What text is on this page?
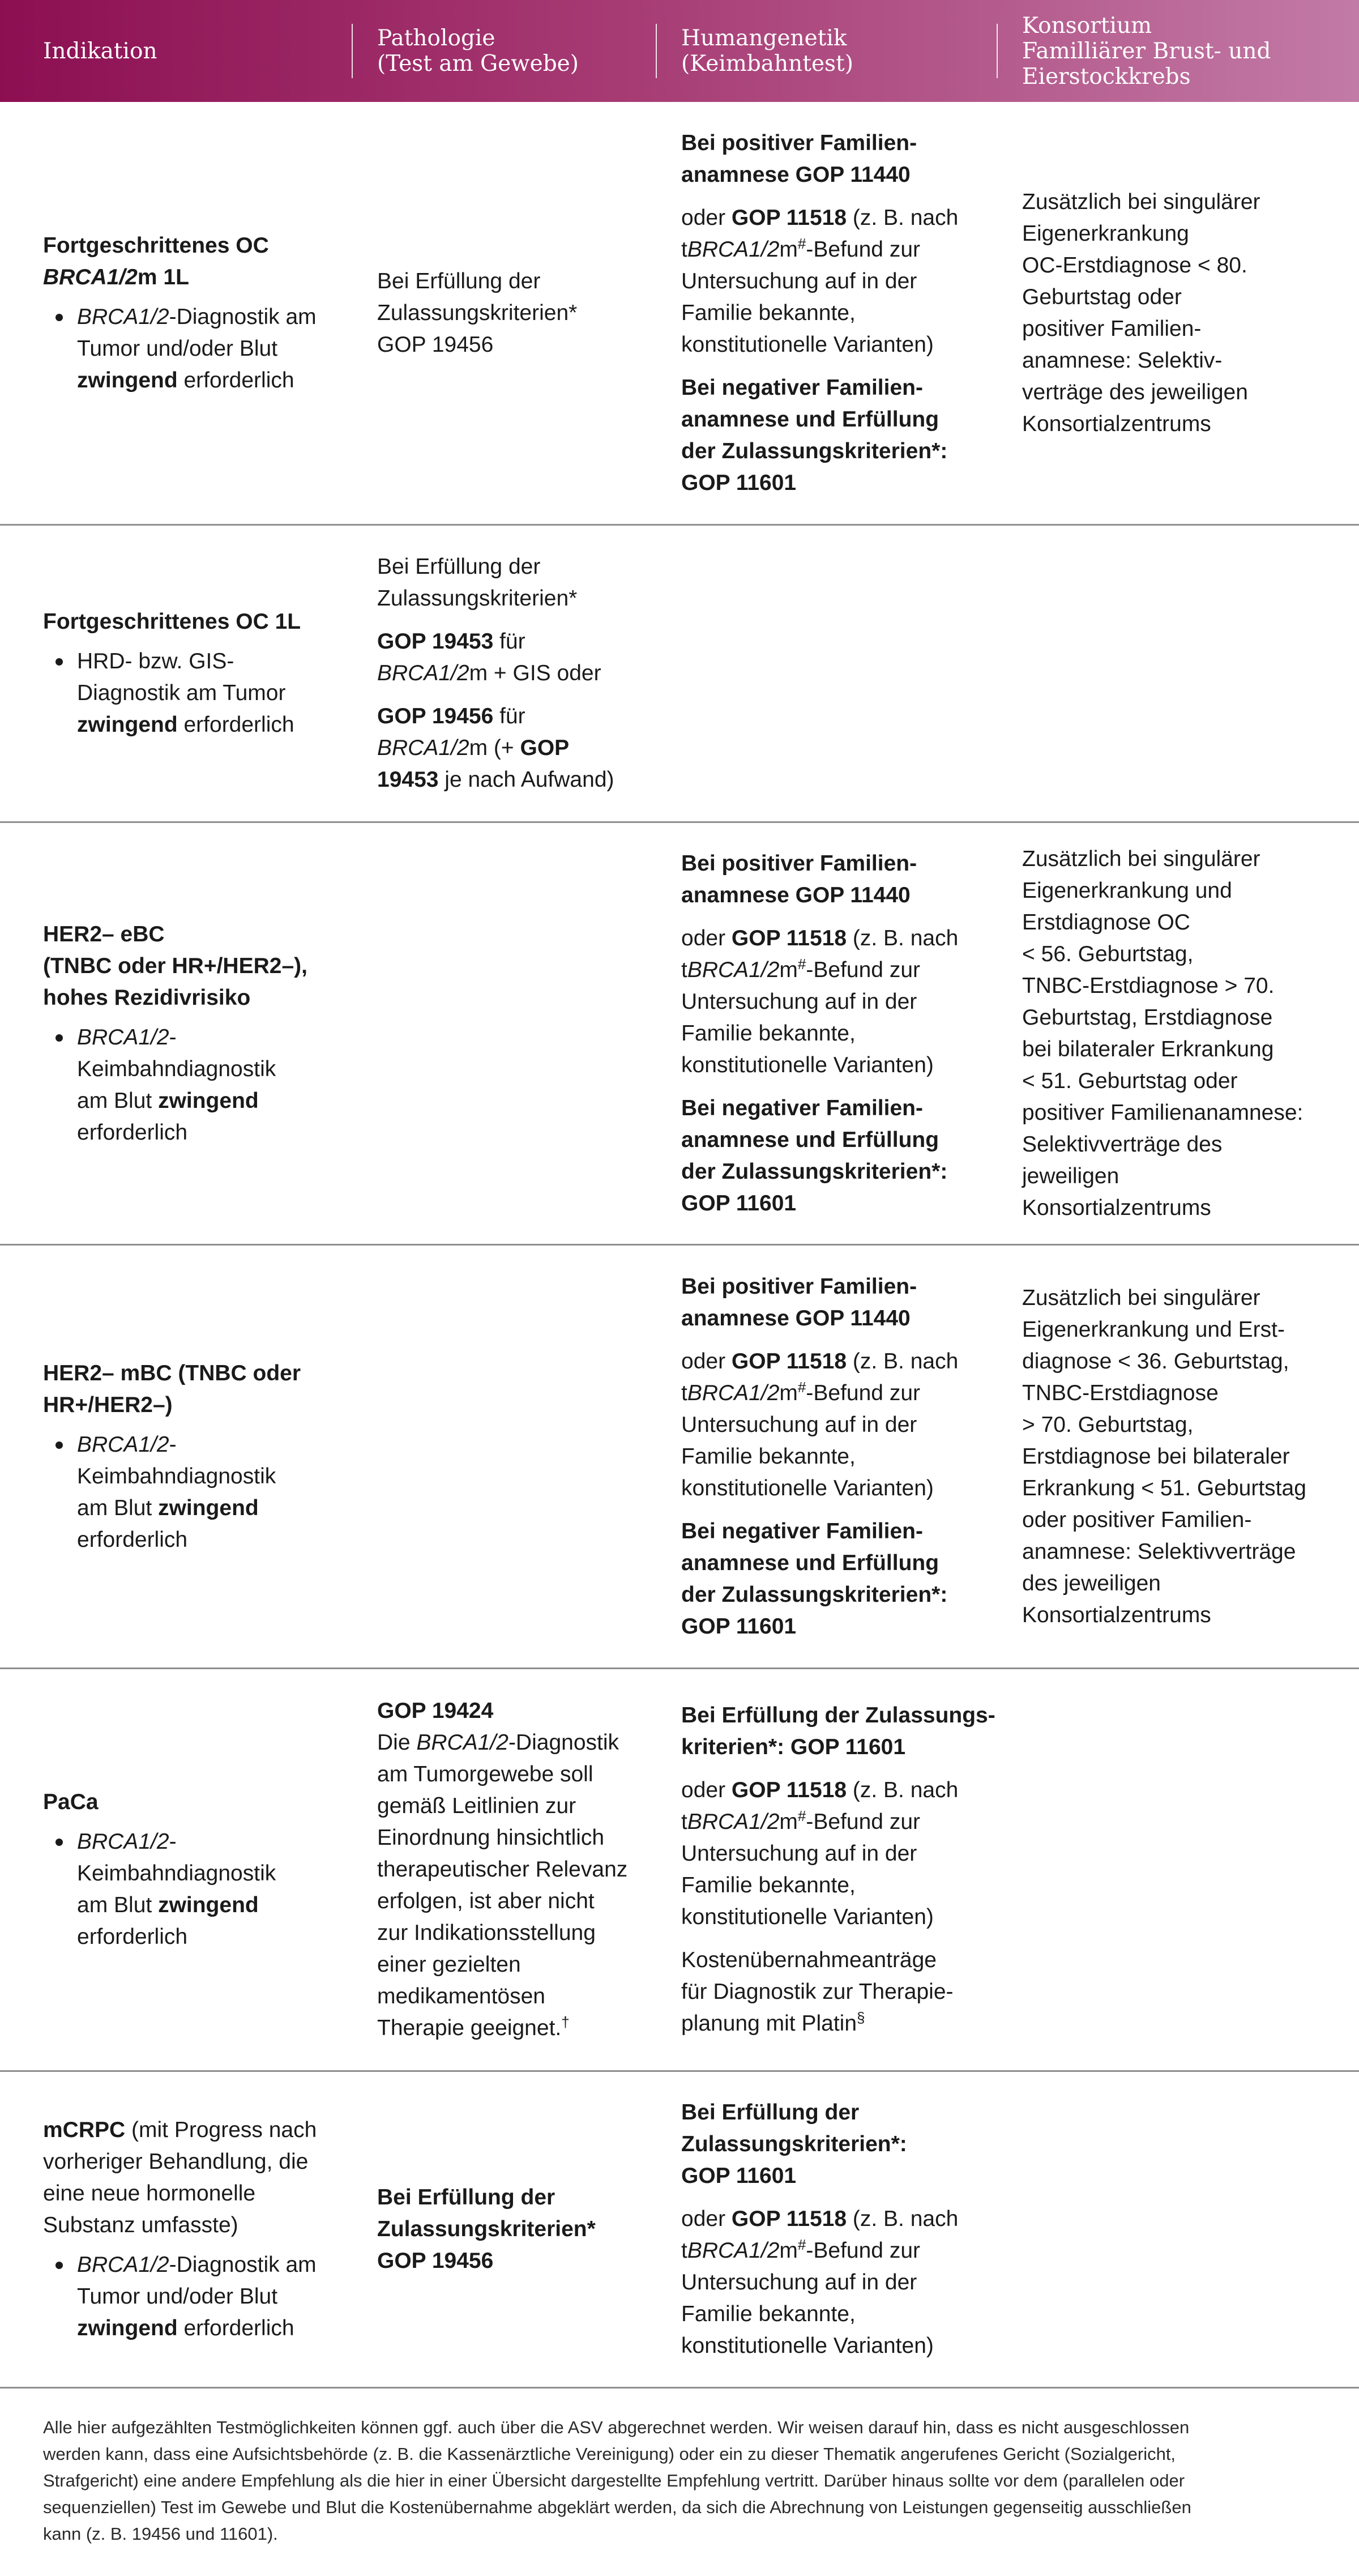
Indikation	Pathologie
(Test am Gewebe)
Humangenetik
(Keimbahntest)
Konsortium
Familliärer Brust- und
Eierstockkrebs
Fortgeschrittenes OC
BRCA1/2m 1L
BRCA1/2-Diagnostik am
Tumor und/oder Blut
zwingend erforderlich
Bei Erfüllung der
Zulassungskriterien*
GOP 19456
Bei positiver Familien-
anamnese GOP 11440
oder GOP 11518 (z. B. nach
tBRCA1/2m#-Befund zur
Untersuchung auf in der
Familie bekannte,
konstitutionelle Varianten)
Bei negativer Familien-
anamnese und Erfüllung
der Zulassungskriterien*:
GOP 11601
Zusätzlich bei singulärer
Eigenerkrankung
OC-Erstdiagnose < 80.
Geburtstag oder
positiver Familien-
anamnese: Selektiv-
verträge des jeweiligen
Konsortialzentrums
Fortgeschrittenes OC 1L
HRD- bzw. GIS-
Diagnostik am Tumor
zwingend erforderlich
Bei Erfüllung der
Zulassungskriterien*
GOP 19453 für
BRCA1/2m + GIS oder
GOP 19456 für
BRCA1/2m (+ GOP
19453 je nach Aufwand)
HER2– eBC
(TNBC oder HR+/HER2–),
hohes Rezidivrisiko
BRCA1/2-
Keimbahndiagnostik
am Blut zwingend
erforderlich
Bei positiver Familien-
anamnese GOP 11440
oder GOP 11518 (z. B. nach
tBRCA1/2m#-Befund zur
Untersuchung auf in der
Familie bekannte,
konstitutionelle Varianten)
Bei negativer Familien-
anamnese und Erfüllung
der Zulassungskriterien*:
GOP 11601
Zusätzlich bei singulärer
Eigenerkrankung und
Erstdiagnose OC
< 56. Geburtstag,
TNBC-Erstdiagnose > 70.
Geburtstag, Erstdiagnose
bei bilateraler Erkrankung
< 51. Geburtstag oder
positiver Familienanamnese:
Selektivverträge des
jeweiligen
Konsortialzentrums
HER2– mBC (TNBC oder
HR+/HER2–)
BRCA1/2-
Keimbahndiagnostik
am Blut zwingend
erforderlich
Bei positiver Familien-
anamnese GOP 11440
oder GOP 11518 (z. B. nach
tBRCA1/2m#-Befund zur
Untersuchung auf in der
Familie bekannte,
konstitutionelle Varianten)
Bei negativer Familien-
anamnese und Erfüllung
der Zulassungskriterien*:
GOP 11601
Zusätzlich bei singulärer
Eigenerkrankung und Erst-
diagnose < 36. Geburtstag,
TNBC-Erstdiagnose
> 70. Geburtstag,
Erstdiagnose bei bilateraler
Erkrankung < 51. Geburtstag
oder positiver Familien-
anamnese: Selektivverträge
des jeweiligen
Konsortialzentrums
PaCa
BRCA1/2-
Keimbahndiagnostik
am Blut zwingend
erforderlich
GOP 19424
Die BRCA1/2-Diagnostik
am Tumorgewebe soll
gemäß Leitlinien zur
Einordnung hinsichtlich
therapeutischer Relevanz
erfolgen, ist aber nicht
zur Indikationsstellung
einer gezielten
medikamentösen
Therapie geeignet.†
Bei Erfüllung der Zulassungs-
kriterien*: GOP 11601
oder GOP 11518 (z. B. nach
tBRCA1/2m#-Befund zur
Untersuchung auf in der
Familie bekannte,
konstitutionelle Varianten)
Kostenübernahmeanträge
für Diagnostik zur Therapie-
planung mit Platin§
mCRPC (mit Progress nach
vorheriger Behandlung, die
eine neue hormonelle
Substanz umfasste)
BRCA1/2-Diagnostik am
Tumor und/oder Blut
zwingend erforderlich
Bei Erfüllung der
Zulassungskriterien*
GOP 19456
Bei Erfüllung der
Zulassungskriterien*:
GOP 11601
oder GOP 11518 (z. B. nach
tBRCA1/2m#-Befund zur
Untersuchung auf in der
Familie bekannte,
konstitutionelle Varianten)
Alle hier aufgezählten Testmöglichkeiten können ggf. auch über die ASV abgerechnet werden. Wir weisen darauf hin, dass es nicht ausgeschlossen
werden kann, dass eine Aufsichtsbehörde (z. B. die Kassenärztliche Vereinigung) oder ein zu dieser Thematik angerufenes Gericht (Sozialgericht,
Strafgericht) eine andere Empfehlung als die hier in einer Übersicht dargestellte Empfehlung vertritt. Darüber hinaus sollte vor dem (parallelen oder
sequenziellen) Test im Gewebe und Blut die Kostenübernahme abgeklärt werden, da sich die Abrechnung von Leistungen gegenseitig ausschließen
kann (z. B. 19456 und 11601).
